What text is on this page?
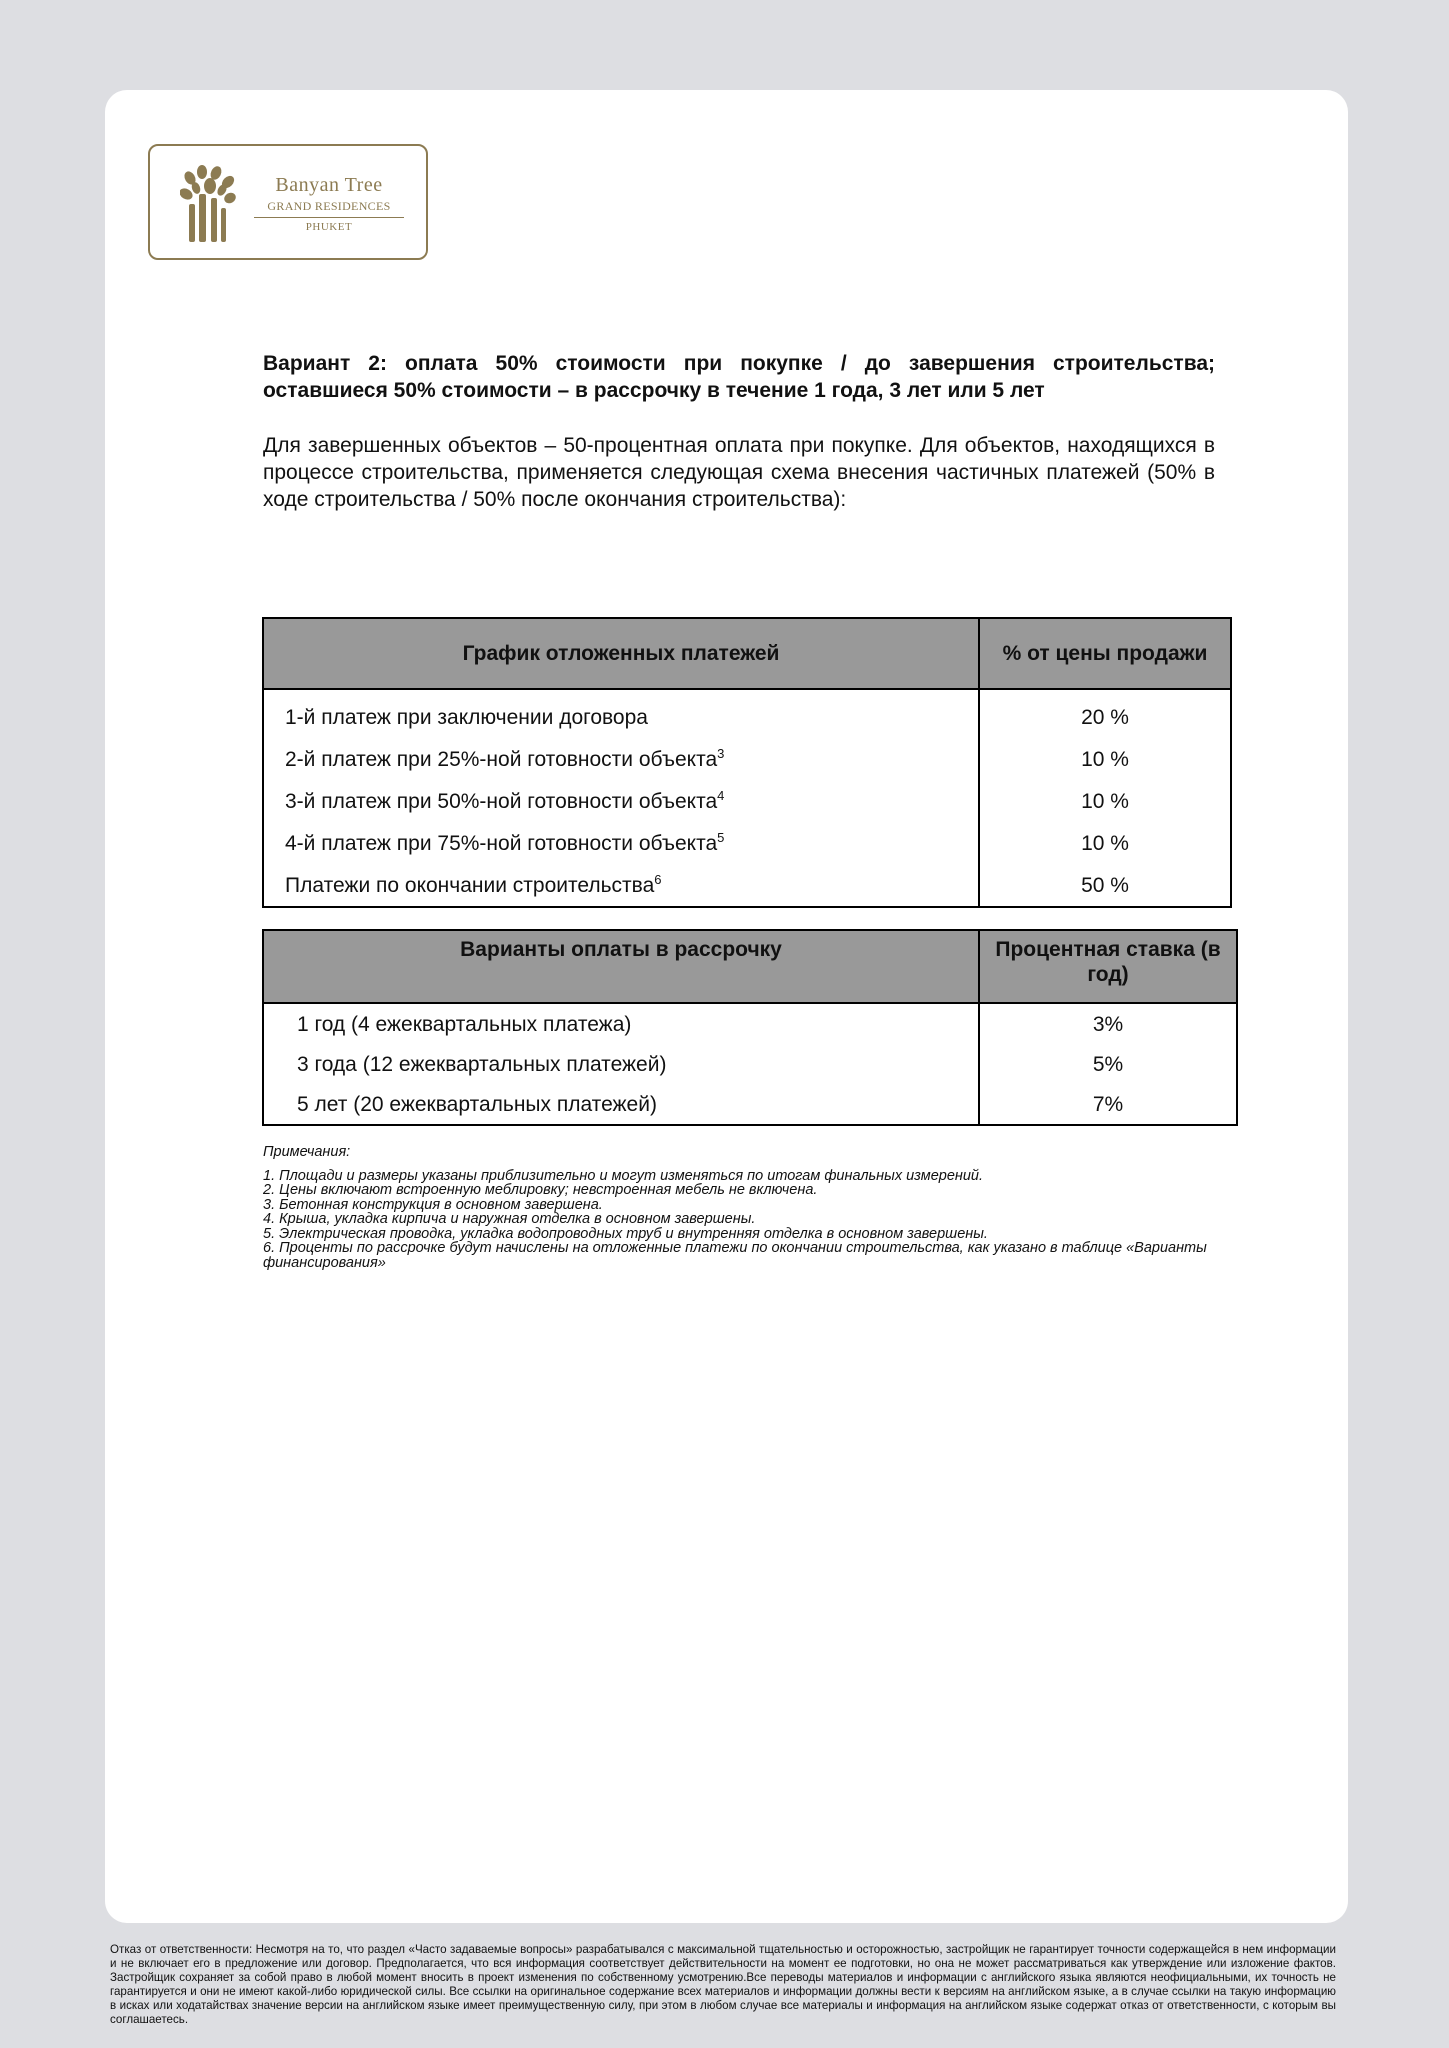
Banyan Tree
GRAND RESIDENCES
PHUKET

Вариант 2: оплата 50% стоимости при покупке / до завершения строительства; оставшиеся 50% стоимости – в рассрочку в течение 1 года, 3 лет или 5 лет

Для завершенных объектов – 50-процентная оплата при покупке. Для объектов, находящихся в процессе строительства, применяется следующая схема внесения частичных платежей (50% в ходе строительства / 50% после окончания строительства):

График отложенных платежей	% от цены продажи
1-й платеж при заключении договора	20 %
2-й платеж при 25%-ной готовности объекта$^3$	10 %
3-й платеж при 50%-ной готовности объекта$^4$	10 %
4-й платеж при 75%-ной готовности объекта$^5$	10 %
Платежи по окончании строительства$^6$	50 %
Варианты оплаты в рассрочку	Процентная ставка (в год)
1 год (4 ежеквартальных платежа)	3%
3 года (12 ежеквартальных платежей)	5%
5 лет (20 ежеквартальных платежей)	7%
Примечания:

1. Площади и размеры указаны приблизительно и могут изменяться по итогам финальных измерений.

2. Цены включают встроенную меблировку; невстроенная мебель не включена.

3. Бетонная конструкция в основном завершена.

4. Крыша, укладка кирпича и наружная отделка в основном завершены.

5. Электрическая проводка, укладка водопроводных труб и внутренняя отделка в основном завершены.

6. Проценты по рассрочке будут начислены на отложенные платежи по окончании строительства, как указано в таблице «Варианты финансирования»

Отказ от ответственности: Несмотря на то, что раздел «Часто задаваемые вопросы» разрабатывался с максимальной тщательностью и осторожностью, застройщик не гарантирует точности содержащейся в нем информации и не включает его в предложение или договор. Предполагается, что вся информация соответствует действительности на момент ее подготовки, но она не может рассматриваться как утверждение или изложение фактов. Застройщик сохраняет за собой право в любой момент вносить в проект изменения по собственному усмотрению.Все переводы материалов и информации с английского языка являются неофициальными, их точность не гарантируется и они не имеют какой-либо юридической силы. Все ссылки на оригинальное содержание всех материалов и информации должны вести к версиям на английском языке, а в случае ссылки на такую информацию в исках или ходатайствах значение версии на английском языке имеет преимущественную силу, при этом в любом случае все материалы и информация на английском языке содержат отказ от ответственности, с которым вы соглашаетесь.
